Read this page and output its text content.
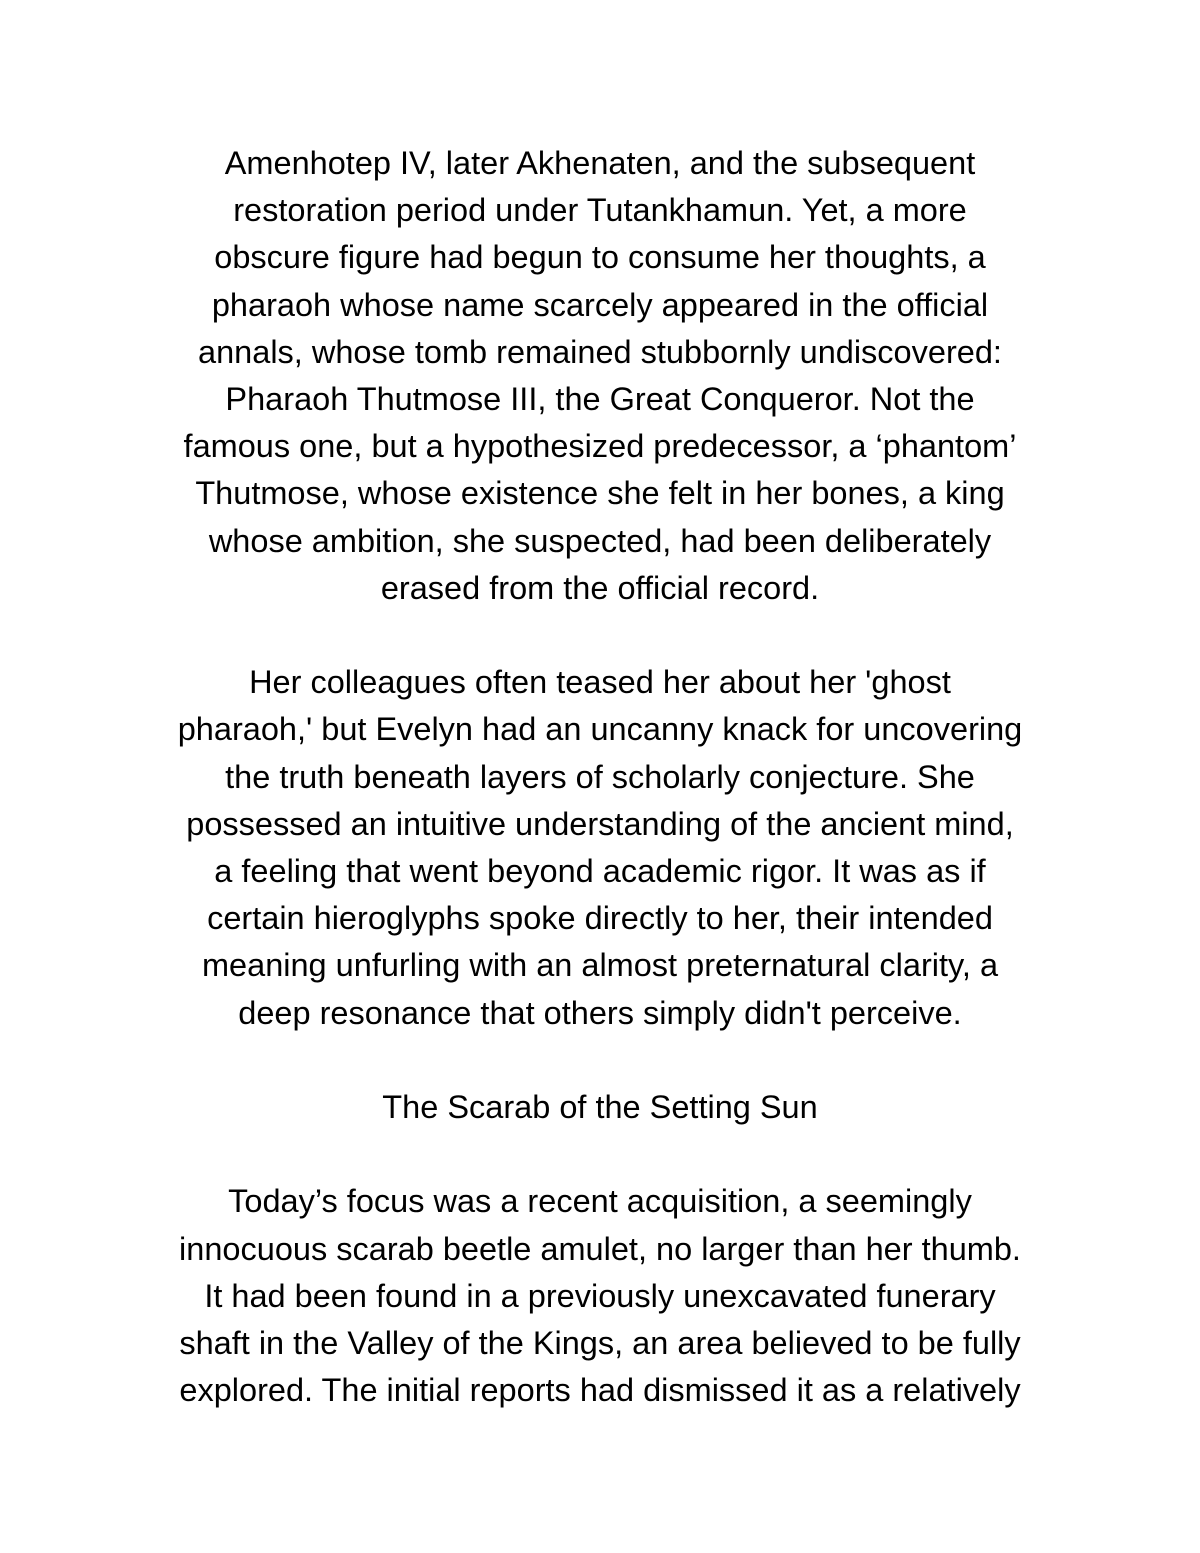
Amenhotep IV, later Akhenaten, and the subsequent
restoration period under Tutankhamun. Yet, a more
obscure figure had begun to consume her thoughts, a
pharaoh whose name scarcely appeared in the official
annals, whose tomb remained stubbornly undiscovered:
Pharaoh Thutmose III, the Great Conqueror. Not the
famous one, but a hypothesized predecessor, a ‘phantom’
Thutmose, whose existence she felt in her bones, a king
whose ambition, she suspected, had been deliberately
erased from the official record.
Her colleagues often teased her about her 'ghost
pharaoh,' but Evelyn had an uncanny knack for uncovering
the truth beneath layers of scholarly conjecture. She
possessed an intuitive understanding of the ancient mind,
a feeling that went beyond academic rigor. It was as if
certain hieroglyphs spoke directly to her, their intended
meaning unfurling with an almost preternatural clarity, a
deep resonance that others simply didn't perceive.
The Scarab of the Setting Sun
Today’s focus was a recent acquisition, a seemingly
innocuous scarab beetle amulet, no larger than her thumb.
It had been found in a previously unexcavated funerary
shaft in the Valley of the Kings, an area believed to be fully
explored. The initial reports had dismissed it as a relatively
